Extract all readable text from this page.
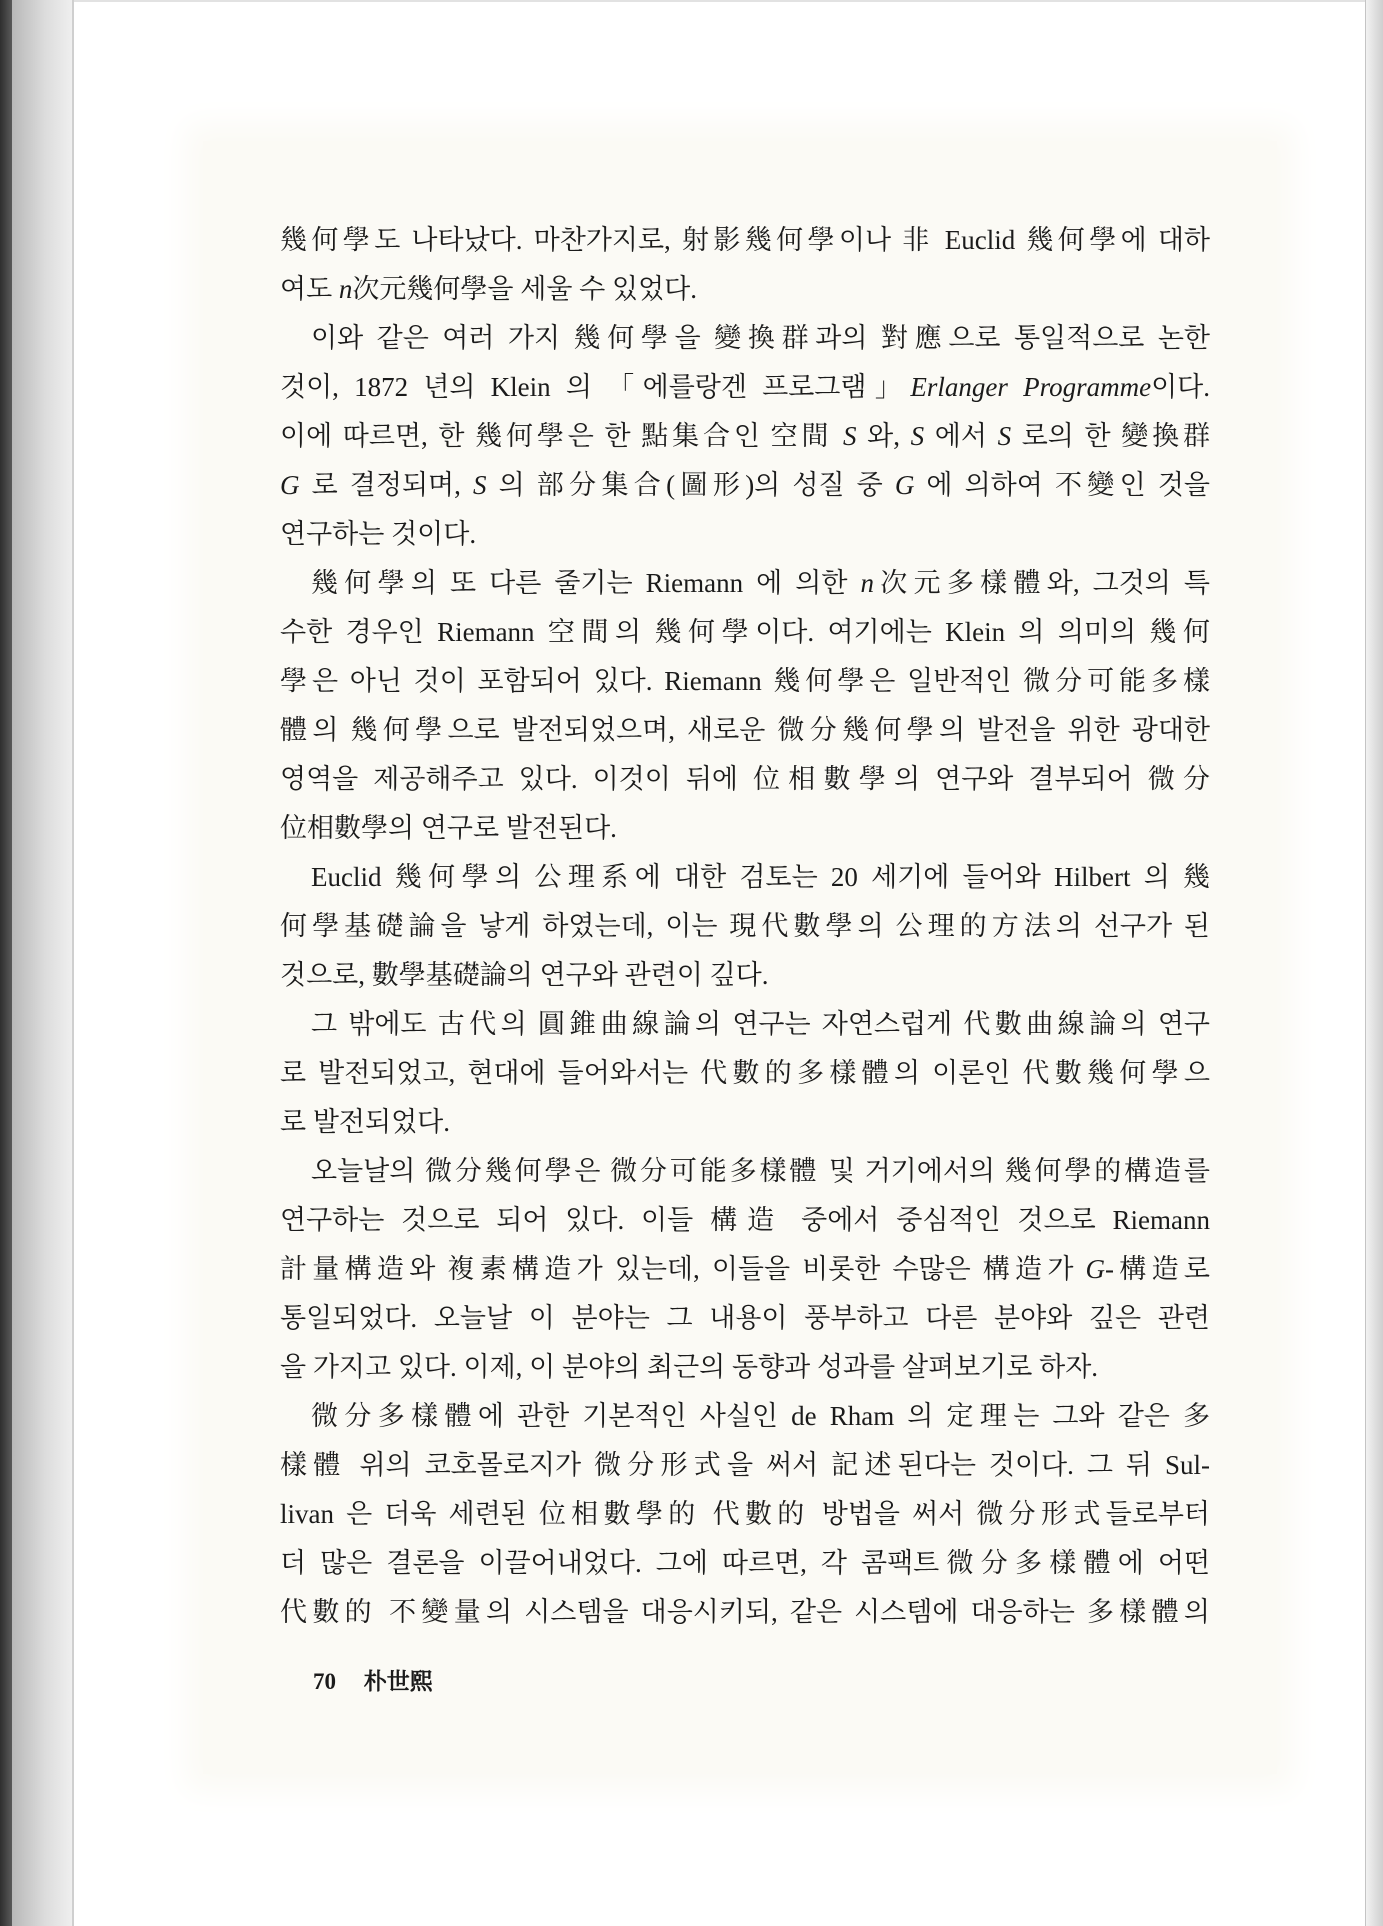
幾何學도 나타났다. 마찬가지로, 射影幾何學이나 非 Euclid 幾何學에 대하
여도 n次元幾何學을 세울 수 있었다.
이와 같은 여러 가지 幾何學을 變換群과의 對應으로 통일적으로 논한
것이, 1872 년의 Klein 의 「에를랑겐 프로그램」Erlanger Programme이다.
이에 따르면, 한 幾何學은 한 點集合인 空間 S 와, S 에서 S 로의 한 變換群
G 로 결정되며, S 의 部分集合(圖形)의 성질 중 G 에 의하여 不變인 것을
연구하는 것이다.
幾何學의 또 다른 줄기는 Riemann 에 의한 n次元多樣體와, 그것의 특
수한 경우인 Riemann 空間의 幾何學이다. 여기에는 Klein 의 의미의 幾何
學은 아닌 것이 포함되어 있다. Riemann 幾何學은 일반적인 微分可能多樣
體의 幾何學으로 발전되었으며, 새로운 微分幾何學의 발전을 위한 광대한
영역을 제공해주고 있다. 이것이 뒤에 位相數學의 연구와 결부되어 微分
位相數學의 연구로 발전된다.
Euclid 幾何學의 公理系에 대한 검토는 20 세기에 들어와 Hilbert 의 幾
何學基礎論을 낳게 하였는데, 이는 現代數學의 公理的方法의 선구가 된
것으로, 數學基礎論의 연구와 관련이 깊다.
그 밖에도 古代의 圓錐曲線論의 연구는 자연스럽게 代數曲線論의 연구
로 발전되었고, 현대에 들어와서는 代數的多樣體의 이론인 代數幾何學으
로 발전되었다.
오늘날의 微分幾何學은 微分可能多樣體 및 거기에서의 幾何學的構造를
연구하는 것으로 되어 있다. 이들 構造 중에서 중심적인 것으로 Riemann
計量構造와 複素構造가 있는데, 이들을 비롯한 수많은 構造가 G-構造로
통일되었다. 오늘날 이 분야는 그 내용이 풍부하고 다른 분야와 깊은 관련
을 가지고 있다. 이제, 이 분야의 최근의 동향과 성과를 살펴보기로 하자.
微分多樣體에 관한 기본적인 사실인 de Rham 의 定理는 그와 같은 多
樣體 위의 코호몰로지가 微分形式을 써서 記述된다는 것이다. 그 뒤 Sul-
livan 은 더욱 세련된 位相數學的 代數的 방법을 써서 微分形式들로부터
더 많은 결론을 이끌어내었다. 그에 따르면, 각 콤팩트微分多樣體에 어떤
代數的 不變量의 시스템을 대응시키되, 같은 시스템에 대응하는 多樣體의
70 朴世熙
